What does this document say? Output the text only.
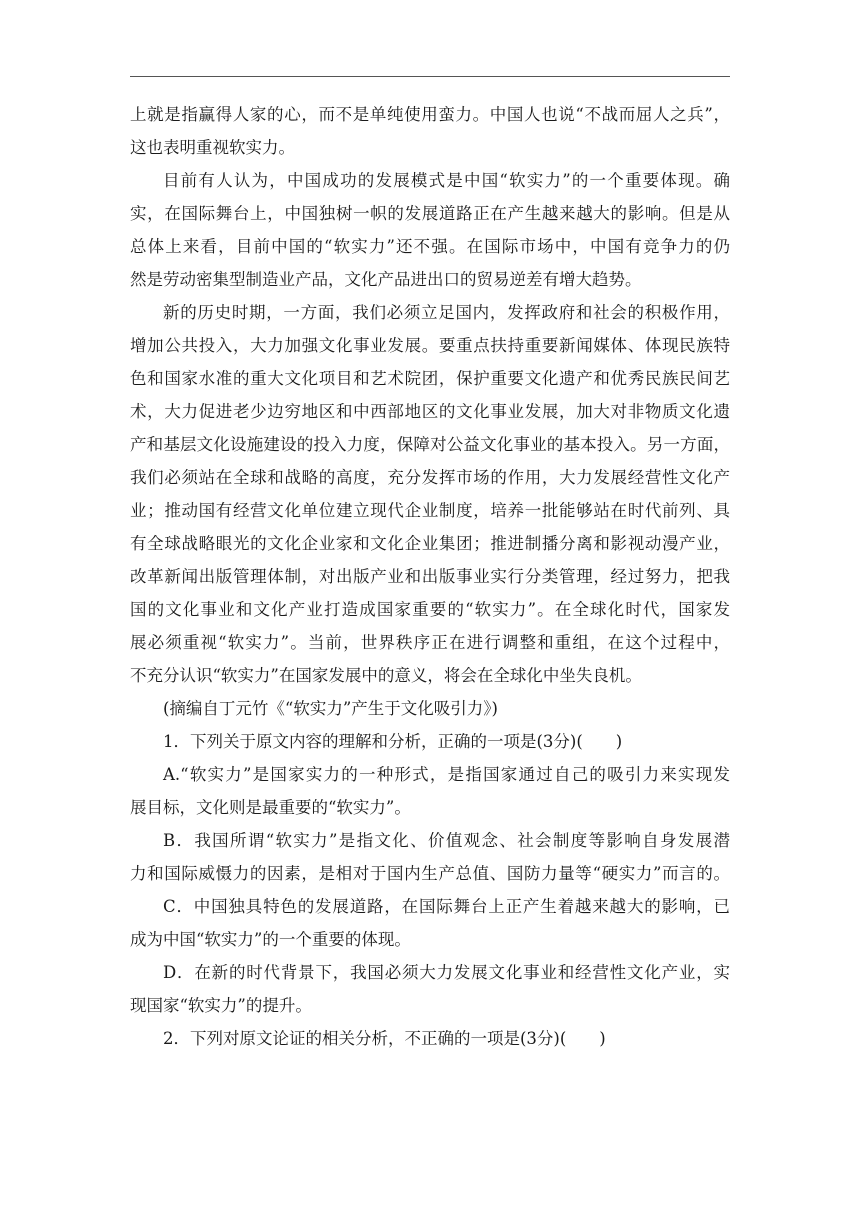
上就是指赢得人家的心，而不是单纯使用蛮力。中国人也说“不战而屈人之兵”，
这也表明重视软实力。
目前有人认为，中国成功的发展模式是中国“软实力”的一个重要体现。确
实，在国际舞台上，中国独树一帜的发展道路正在产生越来越大的影响。但是从
总体上来看，目前中国的“软实力”还不强。在国际市场中，中国有竞争力的仍
然是劳动密集型制造业产品，文化产品进出口的贸易逆差有增大趋势。
新的历史时期，一方面，我们必须立足国内，发挥政府和社会的积极作用，
增加公共投入，大力加强文化事业发展。要重点扶持重要新闻媒体、体现民族特
色和国家水准的重大文化项目和艺术院团，保护重要文化遗产和优秀民族民间艺
术，大力促进老少边穷地区和中西部地区的文化事业发展，加大对非物质文化遗
产和基层文化设施建设的投入力度，保障对公益文化事业的基本投入。另一方面，
我们必须站在全球和战略的高度，充分发挥市场的作用，大力发展经营性文化产
业；推动国有经营文化单位建立现代企业制度，培养一批能够站在时代前列、具
有全球战略眼光的文化企业家和文化企业集团；推进制播分离和影视动漫产业，
改革新闻出版管理体制，对出版产业和出版事业实行分类管理，经过努力，把我
国的文化事业和文化产业打造成国家重要的“软实力”。在全球化时代，国家发
展必须重视“软实力”。当前，世界秩序正在进行调整和重组，在这个过程中，
不充分认识“软实力”在国家发展中的意义，将会在全球化中坐失良机。
(摘编自丁元竹《“软实力”产生于文化吸引力》)
1．下列关于原文内容的理解和分析，正确的一项是(3分)(　　)
A.“软实力”是国家实力的一种形式，是指国家通过自己的吸引力来实现发
展目标，文化则是最重要的“软实力”。
B．我国所谓“软实力”是指文化、价值观念、社会制度等影响自身发展潜
力和国际威慑力的因素，是相对于国内生产总值、国防力量等“硬实力”而言的。
C．中国独具特色的发展道路，在国际舞台上正产生着越来越大的影响，已
成为中国“软实力”的一个重要的体现。
D．在新的时代背景下，我国必须大力发展文化事业和经营性文化产业，实
现国家“软实力”的提升。
2．下列对原文论证的相关分析，不正确的一项是(3分)(　　)
